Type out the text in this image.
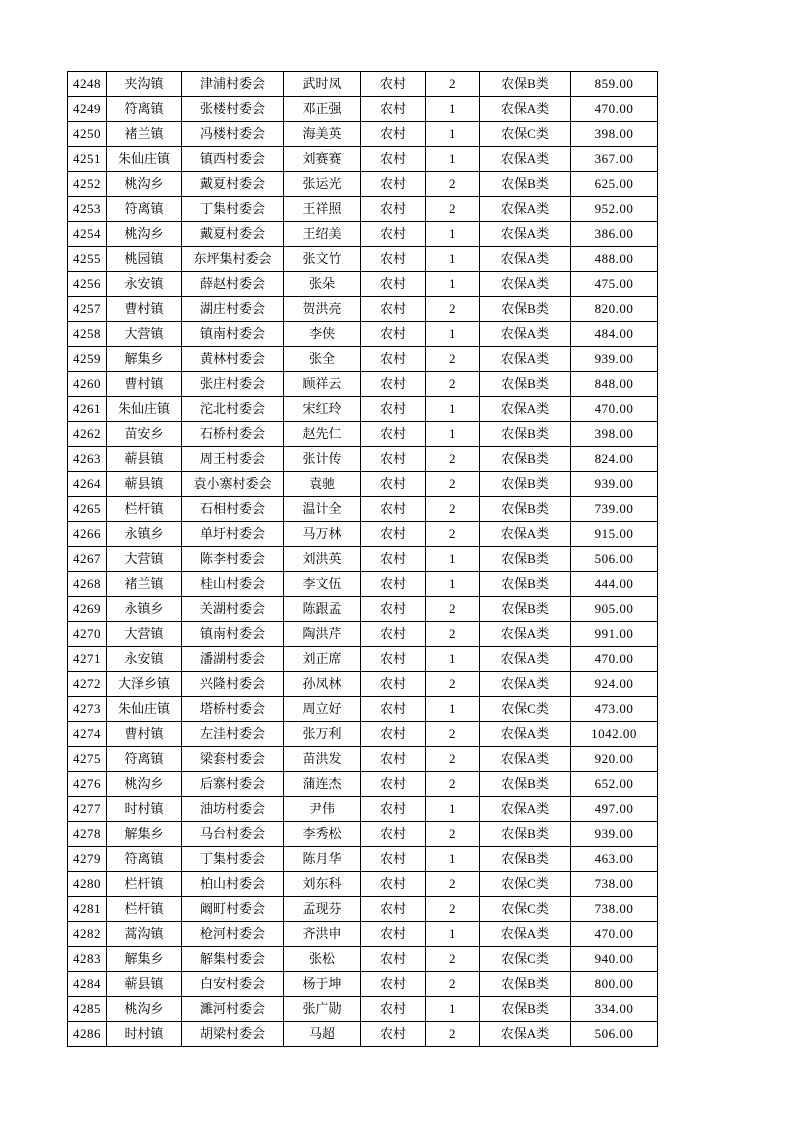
4248	夹沟镇	津浦村委会	武时凤	农村	2	农保B类	859.00
4249	符离镇	张楼村委会	邓正强	农村	1	农保A类	470.00
4250	褚兰镇	冯楼村委会	海美英	农村	1	农保C类	398.00
4251	朱仙庄镇	镇西村委会	刘赛赛	农村	1	农保A类	367.00
4252	桃沟乡	戴夏村委会	张运光	农村	2	农保B类	625.00
4253	符离镇	丁集村委会	王祥照	农村	2	农保A类	952.00
4254	桃沟乡	戴夏村委会	王绍美	农村	1	农保A类	386.00
4255	桃园镇	东坪集村委会	张文竹	农村	1	农保A类	488.00
4256	永安镇	薛赵村委会	张朵	农村	1	农保A类	475.00
4257	曹村镇	湖庄村委会	贺洪亮	农村	2	农保B类	820.00
4258	大营镇	镇南村委会	李侠	农村	1	农保A类	484.00
4259	解集乡	黄林村委会	张全	农村	2	农保A类	939.00
4260	曹村镇	张庄村委会	顾祥云	农村	2	农保B类	848.00
4261	朱仙庄镇	沱北村委会	宋红玲	农村	1	农保A类	470.00
4262	苗安乡	石桥村委会	赵先仁	农村	1	农保B类	398.00
4263	蕲县镇	周王村委会	张计传	农村	2	农保B类	824.00
4264	蕲县镇	袁小寨村委会	袁驰	农村	2	农保B类	939.00
4265	栏杆镇	石相村委会	温计全	农村	2	农保B类	739.00
4266	永镇乡	单圩村委会	马万林	农村	2	农保A类	915.00
4267	大营镇	陈李村委会	刘洪英	农村	1	农保B类	506.00
4268	褚兰镇	桂山村委会	李文伍	农村	1	农保B类	444.00
4269	永镇乡	关湖村委会	陈跟孟	农村	2	农保B类	905.00
4270	大营镇	镇南村委会	陶洪芹	农村	2	农保A类	991.00
4271	永安镇	潘湖村委会	刘正席	农村	1	农保A类	470.00
4272	大泽乡镇	兴隆村委会	孙凤林	农村	2	农保A类	924.00
4273	朱仙庄镇	塔桥村委会	周立好	农村	1	农保C类	473.00
4274	曹村镇	左洼村委会	张万利	农村	2	农保A类	1042.00
4275	符离镇	梁套村委会	苗洪发	农村	2	农保A类	920.00
4276	桃沟乡	后寨村委会	蒲连杰	农村	2	农保B类	652.00
4277	时村镇	油坊村委会	尹伟	农村	1	农保A类	497.00
4278	解集乡	马台村委会	李秀松	农村	2	农保B类	939.00
4279	符离镇	丁集村委会	陈月华	农村	1	农保B类	463.00
4280	栏杆镇	柏山村委会	刘东科	农村	2	农保C类	738.00
4281	栏杆镇	阚町村委会	孟现芬	农村	2	农保C类	738.00
4282	蒿沟镇	枪河村委会	齐洪申	农村	1	农保A类	470.00
4283	解集乡	解集村委会	张松	农村	2	农保C类	940.00
4284	蕲县镇	白安村委会	杨于坤	农村	2	农保B类	800.00
4285	桃沟乡	濉河村委会	张广勋	农村	1	农保B类	334.00
4286	时村镇	胡梁村委会	马超	农村	2	农保A类	506.00
